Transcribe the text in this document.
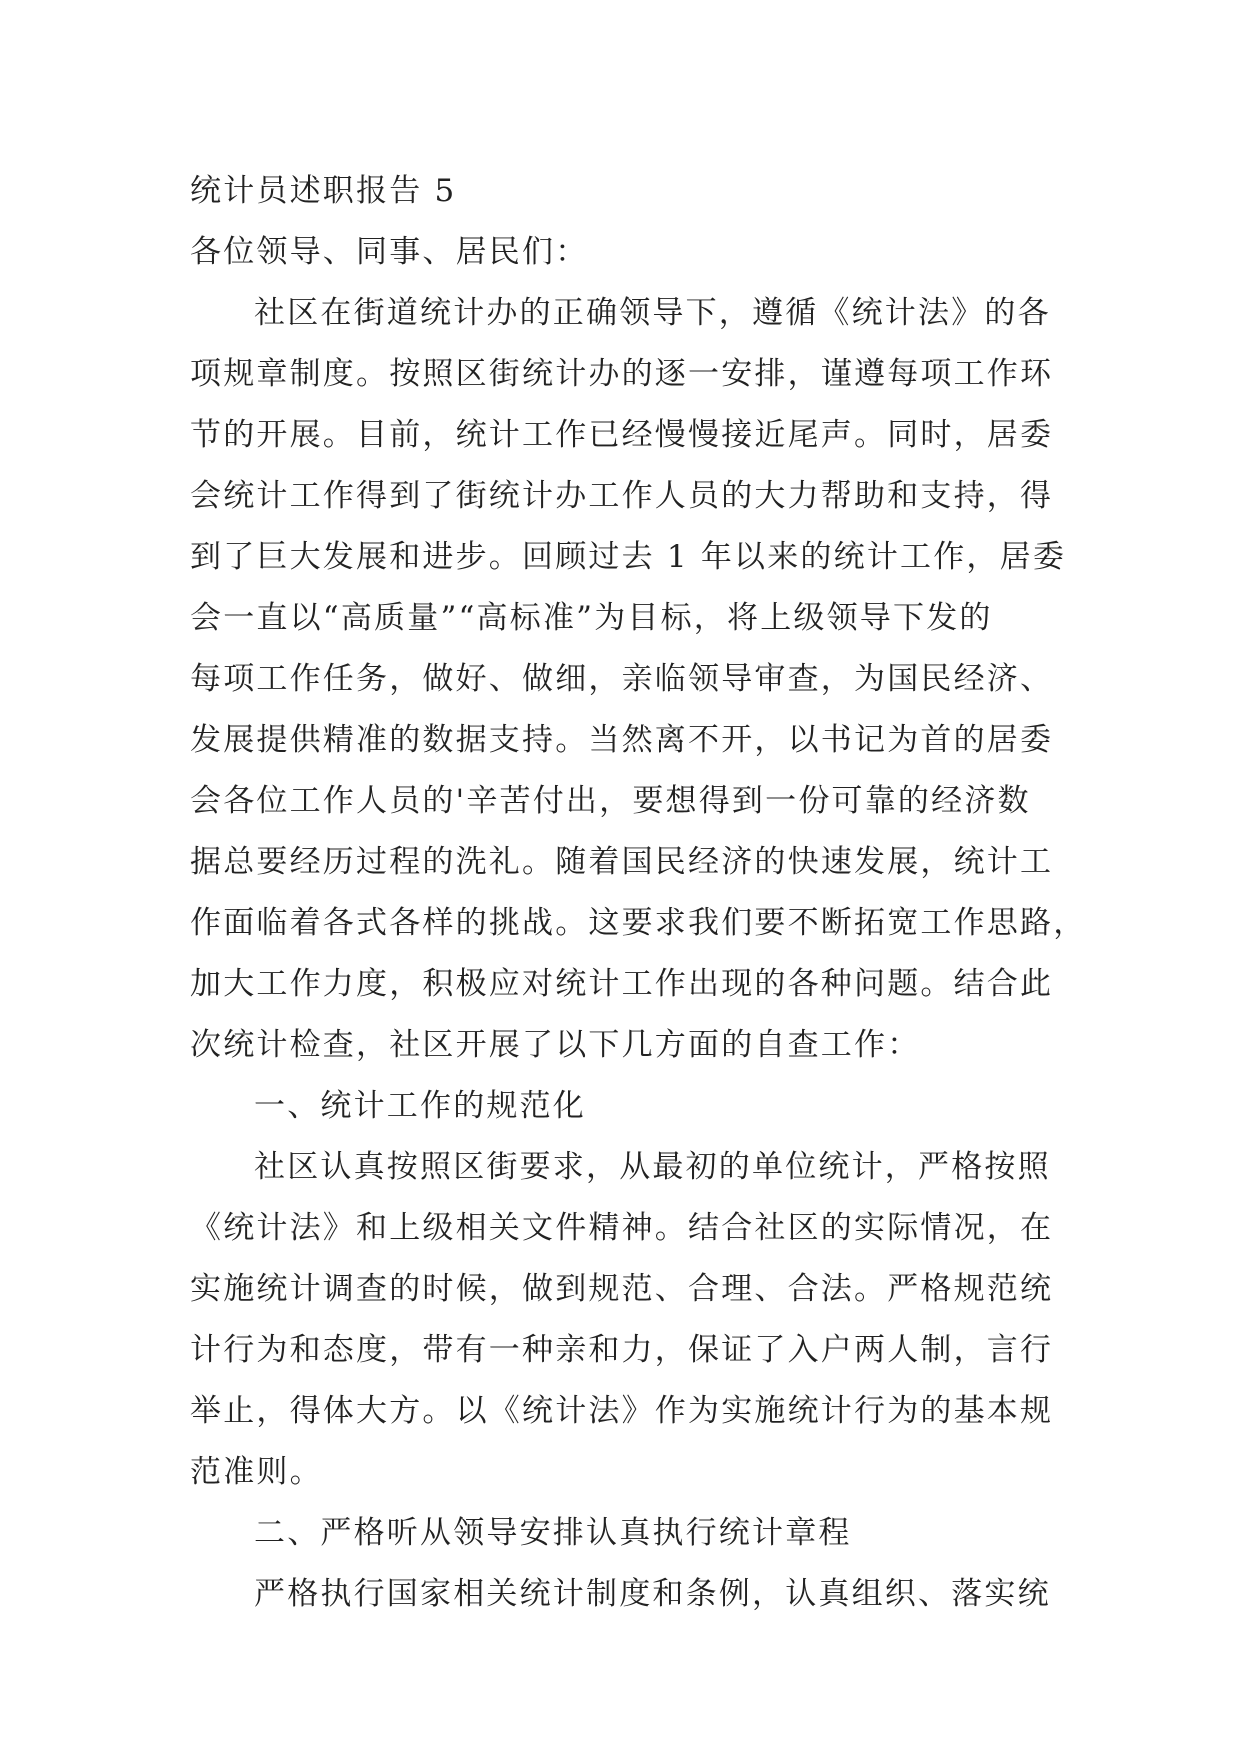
统计员述职报告 5
各位领导、同事、居民们：
社区在街道统计办的正确领导下，遵循《统计法》的各
项规章制度。按照区街统计办的逐一安排，谨遵每项工作环
节的开展。目前，统计工作已经慢慢接近尾声。同时，居委
会统计工作得到了街统计办工作人员的大力帮助和支持，得
到了巨大发展和进步。回顾过去 1 年以来的统计工作，居委
会一直以“高质量”“高标准”为目标，将上级领导下发的
每项工作任务，做好、做细，亲临领导审查，为国民经济、
发展提供精准的数据支持。当然离不开，以书记为首的居委
会各位工作人员的'辛苦付出，要想得到一份可靠的经济数
据总要经历过程的洗礼。随着国民经济的快速发展，统计工
作面临着各式各样的挑战。这要求我们要不断拓宽工作思路，
加大工作力度，积极应对统计工作出现的各种问题。结合此
次统计检查，社区开展了以下几方面的自查工作：
一、统计工作的规范化
社区认真按照区街要求，从最初的单位统计，严格按照
《统计法》和上级相关文件精神。结合社区的实际情况，在
实施统计调查的时候，做到规范、合理、合法。严格规范统
计行为和态度，带有一种亲和力，保证了入户两人制，言行
举止，得体大方。以《统计法》作为实施统计行为的基本规
范准则。
二、严格听从领导安排认真执行统计章程
严格执行国家相关统计制度和条例，认真组织、落实统
